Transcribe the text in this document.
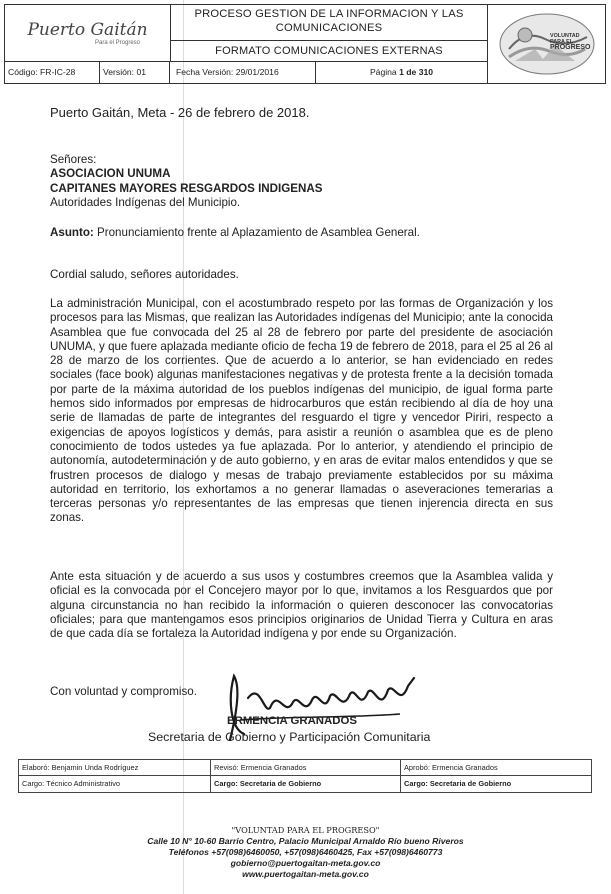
Puerto Gaitán
Para el Progreso
PROCESO GESTION DE LA INFORMACION Y LAS
COMUNICACIONES
FORMATO COMUNICACIONES EXTERNAS
Código: FR-IC-28	Versión: 01	Fecha Versión: 29/01/2016	Página 1 de 310
VOLUNTAD
PARA EL
PROGRESO
Puerto Gaitán, Meta - 26 de febrero de 2018.
Señores:
ASOCIACION UNUMA
CAPITANES MAYORES RESGARDOS INDIGENAS
Autoridades Indígenas del Municipio.
Asunto: Pronunciamiento frente al Aplazamiento de Asamblea General.
Cordial saludo, señores autoridades.
La administración Municipal, con el acostumbrado respeto por las formas de Organización y los procesos para las Mismas, que realizan las Autoridades indígenas del Municipio; ante la conocida Asamblea que fue convocada del 25 al 28 de febrero por parte del presidente de asociación UNUMA, y que fuere aplazada mediante oficio de fecha 19 de febrero de 2018, para el 25 al 26 al 28 de marzo de los corrientes. Que de acuerdo a lo anterior, se han evidenciado en redes sociales (face book) algunas manifestaciones negativas y de protesta frente a la decisión tomada por parte de la máxima autoridad de los pueblos indígenas del municipio, de igual forma parte hemos sido informados por empresas de hidrocarburos que están recibiendo al día de hoy una serie de llamadas de parte de integrantes del resguardo el tigre y vencedor Piriri, respecto a exigencias de apoyos logísticos y demás, para asistir a reunión o asamblea que es de pleno conocimiento de todos ustedes ya fue aplazada. Por lo anterior, y atendiendo el principio de autonomía, autodeterminación y de auto gobierno, y en aras de evitar malos entendidos y que se frustren procesos de dialogo y mesas de trabajo previamente establecidos por su máxima autoridad en territorio, los exhortamos a no generar llamadas o aseveraciones temerarias a terceras personas y/o representantes de las empresas que tienen injerencia directa en sus zonas.
Ante esta situación y de acuerdo a sus usos y costumbres creemos que la Asamblea valida y oficial es la convocada por el Concejero mayor por lo que, invitamos a los Resguardos que por alguna circunstancia no han recibido la información o quieren desconocer las convocatorias oficiales; para que mantengamos esos principios originarios de Unidad Tierra y Cultura en aras de que cada día se fortaleza la Autoridad indígena y por ende su Organización.
Con voluntad y compromiso.
ERMENCIA GRANADOS
Secretaria de Gobierno y Participación Comunitaria
Elaboró: Benjamin Unda Rodríguez	Revisó: Ermencia Granados	Aprobó: Ermencia Granados
Cargo: Técnico Administrativo	Cargo: Secretaria de Gobierno	Cargo: Secretaria de Gobierno
"VOLUNTAD PARA EL PROGRESO"
Calle 10 N° 10-60 Barrio Centro, Palacio Municipal Arnaldo Río bueno Riveros
Teléfonos +57(098)6460050, +57(098)6460425, Fax +57(098)6460773
gobierno@puertogaitan-meta.gov.co
www.puertogaitan-meta.gov.co
